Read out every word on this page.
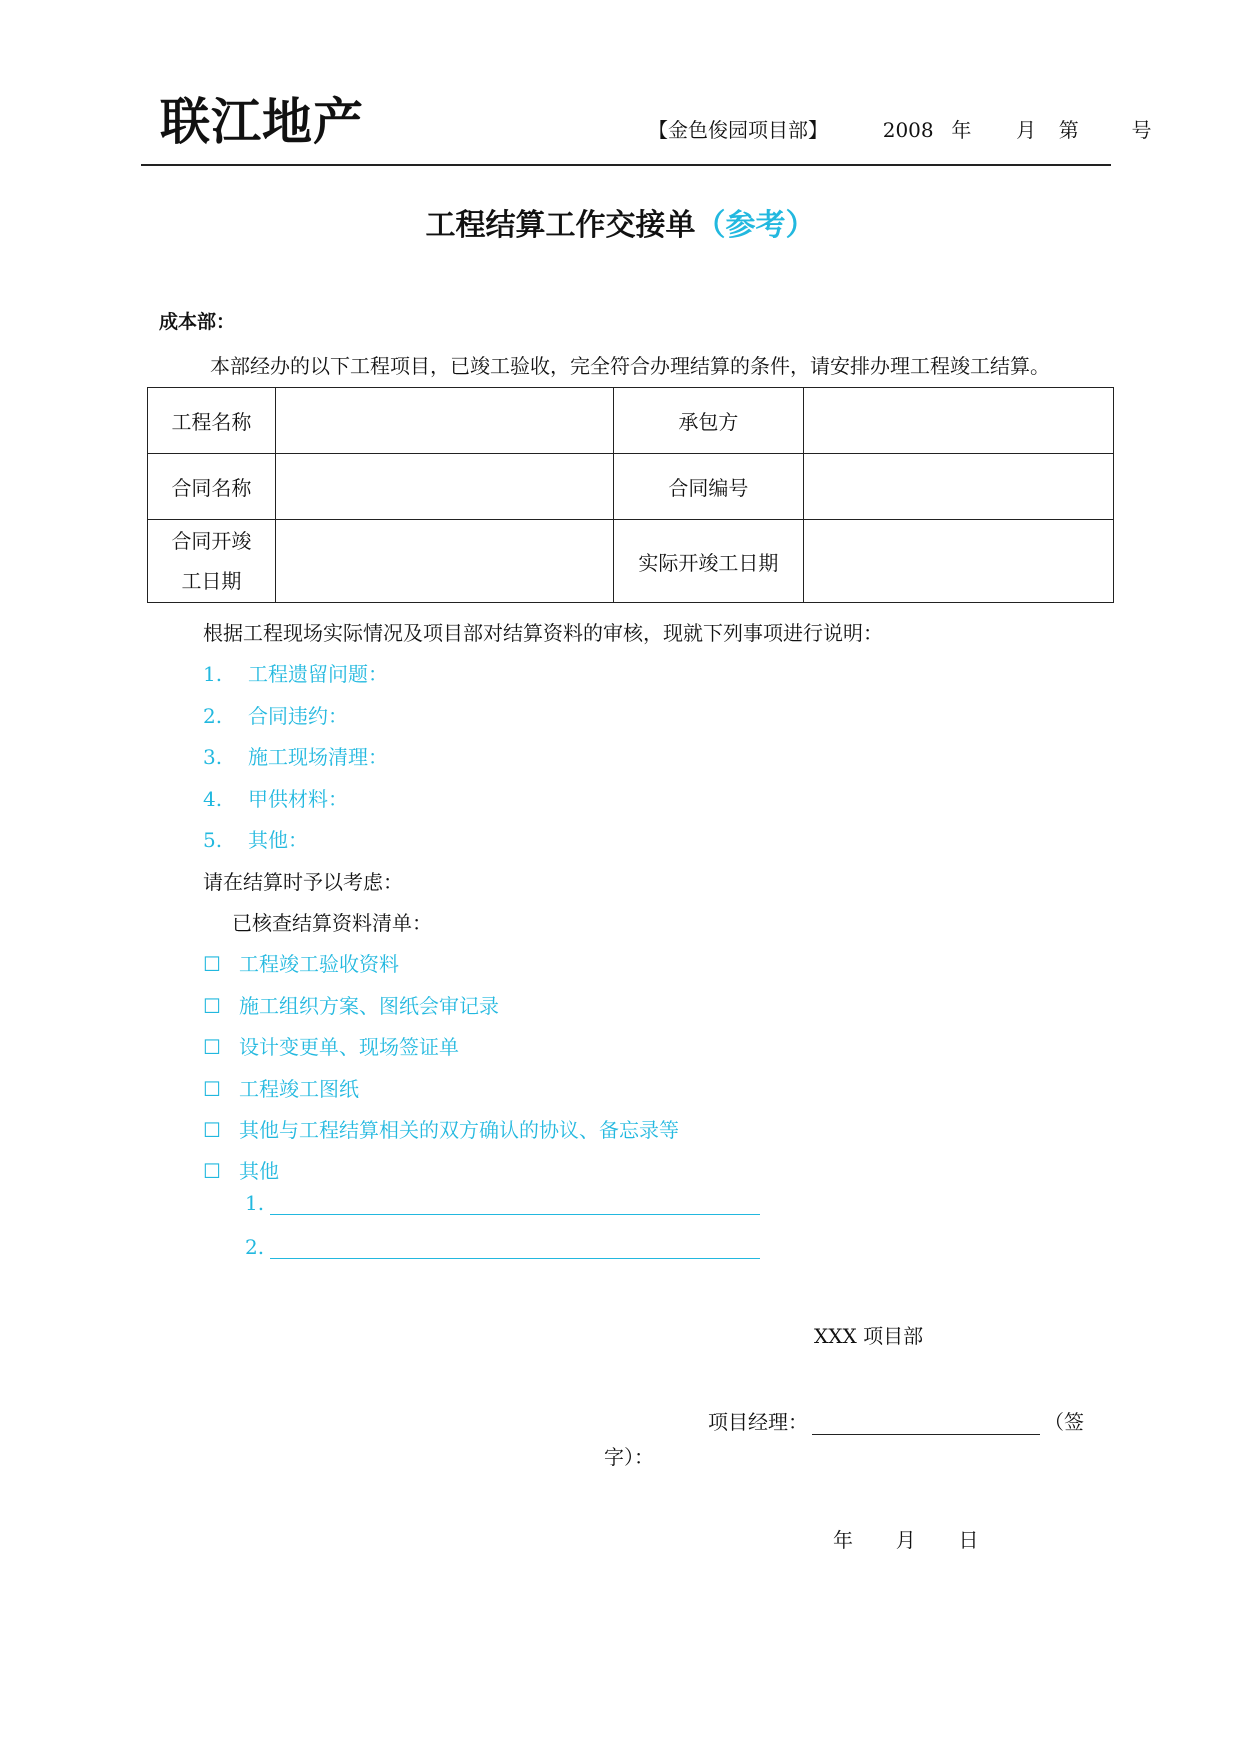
联江地产	【金色俊园项目部】	2008 年 月 第	号
工程结算工作交接单（参考）
成本部：
本部经办的以下工程项目，已竣工验收，完全符合办理结算的条件，请安排办理工程竣工结算。
工程名称		承包方	
合同名称		合同编号	

合同开竣
工日期		实际开竣工日期	
根据工程现场实际情况及项目部对结算资料的审核，现就下列事项进行说明：
1. 工程遗留问题：
2. 合同违约：
3. 施工现场清理：
4. 甲供材料：
5. 其他：
请在结算时予以考虑：
已核查结算资料清单：
☐ 工程竣工验收资料
☐ 施工组织方案、图纸会审记录
☐ 设计变更单、现场签证单
☐ 工程竣工图纸
☐ 其他与工程结算相关的双方确认的协议、备忘录等
☐ 其他
1.
2.
XXX 项目部
项目经理：	（签
字）：
年 月 日
